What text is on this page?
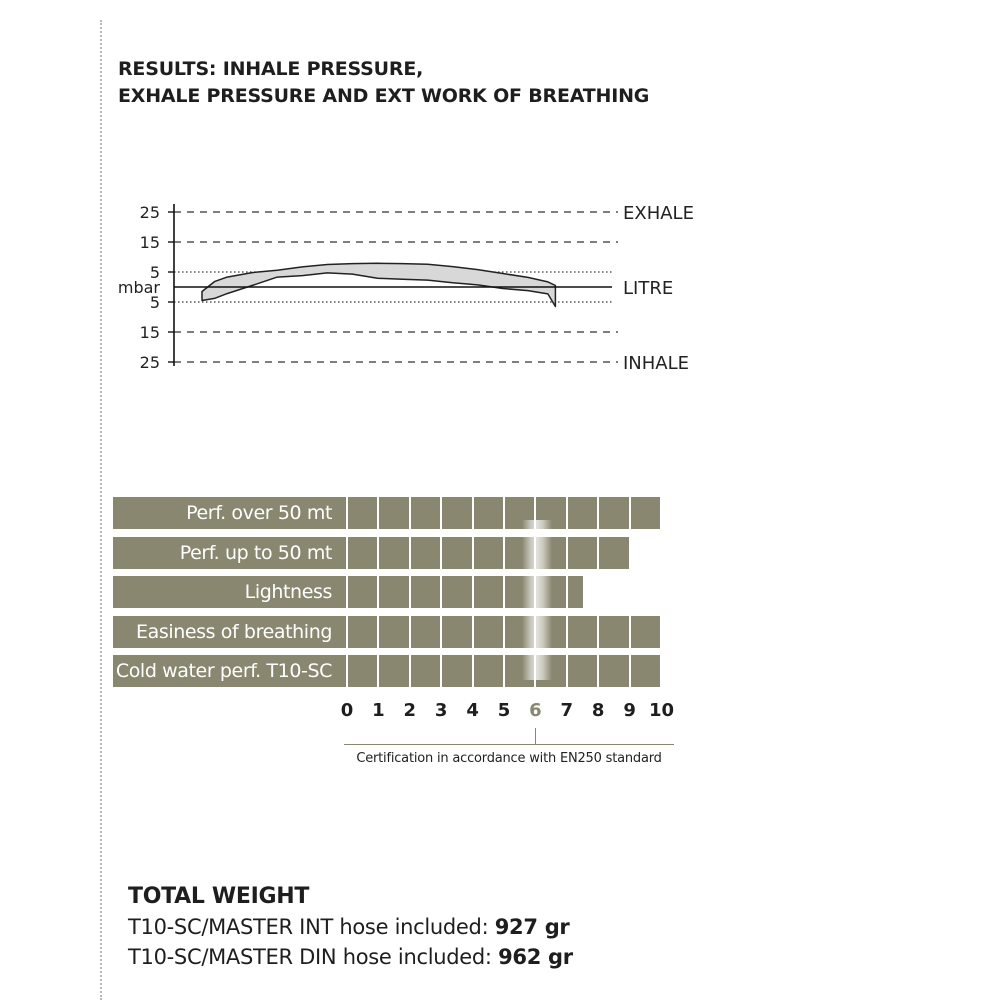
RESULTS: INHALE PRESSURE,
EXHALE PRESSURE AND EXT WORK OF BREATHING
25
15
5
5
15
25
mbar
EXHALE
LITRE
INHALE
Perf. over 50 mt
Perf. up to 50 mt
Lightness
Easiness of breathing
Cold water perf. T10-SC
0	1	2	3	4	5	6	7	8	9 10
Certification in accordance with EN250 standard
TOTAL WEIGHT
T10-SC/MASTER INT hose included: 927 gr
T10-SC/MASTER DIN hose included: 962 gr
